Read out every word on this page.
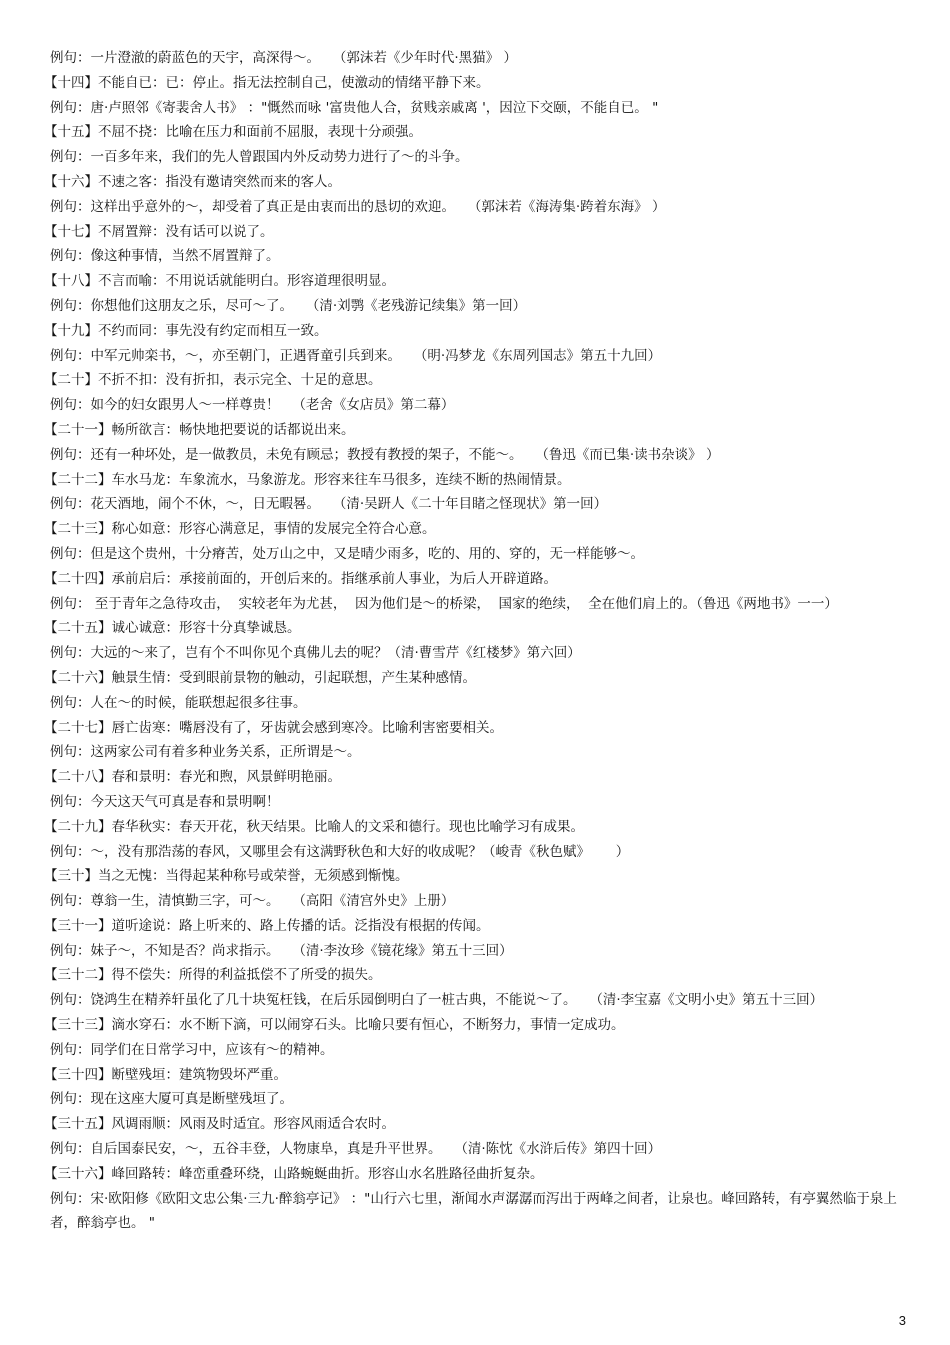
例句：一片澄澈的蔚蓝色的天宇，高深得～。   （郭沫若《少年时代·黑猫》 ）

【十四】不能自已：已：停止。指无法控制自己，使激动的情绪平静下来。

例句：唐·卢照邻《寄裴舍人书》 ："慨然而咏 '富贵他人合，贫贱亲戚离 '，因泣下交颐，不能自已。 "

【十五】不屈不挠：比喻在压力和面前不屈服，表现十分顽强。

例句：一百多年来，我们的先人曾跟国内外反动势力进行了～的斗争。

【十六】不速之客：指没有邀请突然而来的客人。

例句：这样出乎意外的～，却受着了真正是由衷而出的恳切的欢迎。   （郭沫若《海涛集·跨着东海》 ）

【十七】不屑置辩：没有话可以说了。

例句：像这种事情，当然不屑置辩了。

【十八】不言而喻：不用说话就能明白。形容道理很明显。

例句：你想他们这朋友之乐，尽可～了。   （清·刘鹗《老残游记续集》第一回）

【十九】不约而同：事先没有约定而相互一致。

例句：中军元帅栾书，～，亦至朝门，正遇胥童引兵到来。   （明·冯梦龙《东周列国志》第五十九回）

【二十】不折不扣：没有折扣，表示完全、十足的意思。

例句：如今的妇女跟男人～一样尊贵！   （老舍《女店员》第二幕）

【二十一】畅所欲言：畅快地把要说的话都说出来。

例句：还有一种坏处，是一做教员，未免有顾忌；教授有教授的架子，不能～。   （鲁迅《而已集·读书杂谈》 ）

【二十二】车水马龙：车象流水，马象游龙。形容来往车马很多，连续不断的热闹情景。

例句：花天酒地，闹个不休，～，日无暇晷。   （清·吴趼人《二十年目睹之怪现状》第一回）

【二十三】称心如意：形容心满意足，事情的发展完全符合心意。

例句：但是这个贵州，十分瘠苦，处万山之中，又是晴少雨多，吃的、用的、穿的，无一样能够～。

【二十四】承前启后：承接前面的，开创后来的。指继承前人事业，为后人开辟道路。

例句： 至于青年之急待攻击，  实较老年为尤甚，  因为他们是～的桥梁，  国家的绝续，  全在他们肩上的。（鲁迅《两地书》一一）

【二十五】诚心诚意：形容十分真挚诚恳。

例句：大远的～来了，岂有个不叫你见个真佛儿去的呢？（清·曹雪芹《红楼梦》第六回）

【二十六】触景生情：受到眼前景物的触动，引起联想，产生某种感情。

例句：人在～的时候，能联想起很多往事。

【二十七】唇亡齿寒：嘴唇没有了，牙齿就会感到寒冷。比喻利害密要相关。

例句：这两家公司有着多种业务关系，正所谓是～。

【二十八】春和景明：春光和煦，风景鲜明艳丽。

例句：今天这天气可真是春和景明啊！

【二十九】春华秋实：春天开花，秋天结果。比喻人的文采和德行。现也比喻学习有成果。

例句：～，没有那浩荡的春风，又哪里会有这满野秋色和大好的收成呢？（峻青《秋色赋》      ）

【三十】当之无愧：当得起某种称号或荣誉，无须感到惭愧。

例句：尊翁一生，清慎勤三字，可～。   （高阳《清宫外史》上册）

【三十一】道听途说：路上听来的、路上传播的话。泛指没有根据的传闻。

例句：妹子～，不知是否？尚求指示。   （清·李汝珍《镜花缘》第五十三回）

【三十二】得不偿失：所得的利益抵偿不了所受的损失。

例句：饶鸿生在精养轩虽化了几十块冤枉钱，在后乐园倒明白了一桩古典，不能说～了。   （清·李宝嘉《文明小史》第五十三回）

【三十三】滴水穿石：水不断下滴，可以闹穿石头。比喻只要有恒心，不断努力，事情一定成功。

例句：同学们在日常学习中，应该有～的精神。

【三十四】断壁残垣：建筑物毁坏严重。

例句：现在这座大厦可真是断壁残垣了。

【三十五】风调雨顺：风雨及时适宜。形容风雨适合农时。

例句：自后国泰民安，～，五谷丰登，人物康阜，真是升平世界。   （清·陈忱《水浒后传》第四十回）

【三十六】峰回路转：峰峦重叠环绕，山路蜿蜒曲折。形容山水名胜路径曲折复杂。

例句：宋·欧阳修《欧阳文忠公集·三九·醉翁亭记》 ："山行六七里，渐闻水声潺潺而泻出于两峰之间者，让泉也。峰回路转，有亭翼然临于泉上者，醉翁亭也。 "

3
